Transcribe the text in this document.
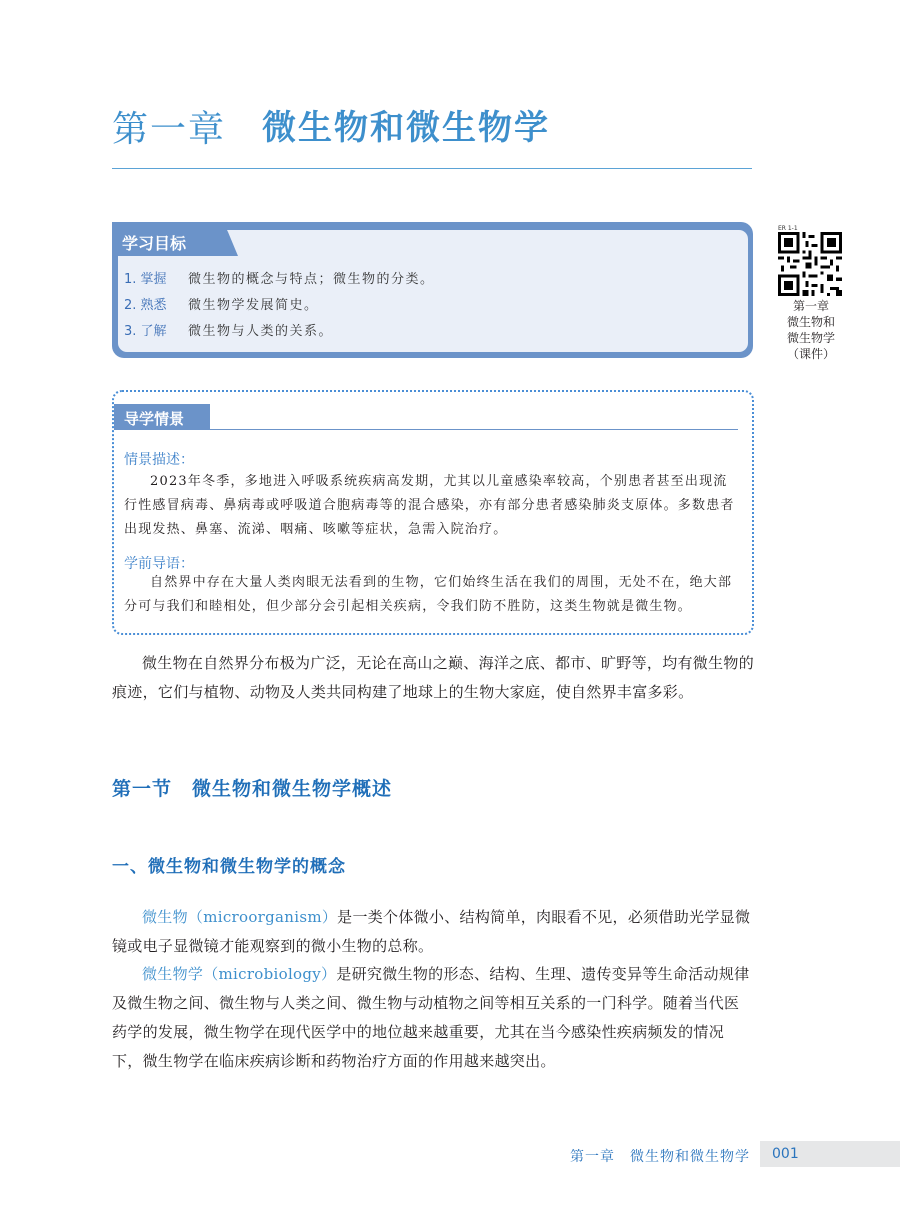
第一章 微生物和微生物学
学习目标
1. 掌握	微生物的概念与特点；微生物的分类。
2. 熟悉	微生物学发展简史。
3. 了解	微生物与人类的关系。
ER 1-1
第一章
微生物和
微生物学
（课件）
导学情景
情景描述：
2023年冬季，多地进入呼吸系统疾病高发期，尤其以儿童感染率较高，个别患者甚至出现流行性感冒病毒、鼻病毒或呼吸道合胞病毒等的混合感染，亦有部分患者感染肺炎支原体。多数患者出现发热、鼻塞、流涕、咽痛、咳嗽等症状，急需入院治疗。
学前导语：
自然界中存在大量人类肉眼无法看到的生物，它们始终生活在我们的周围，无处不在，绝大部分可与我们和睦相处，但少部分会引起相关疾病，令我们防不胜防，这类生物就是微生物。
微生物在自然界分布极为广泛，无论在高山之巅、海洋之底、都市、旷野等，均有微生物的痕迹，它们与植物、动物及人类共同构建了地球上的生物大家庭，使自然界丰富多彩。
第一节　微生物和微生物学概述
一、微生物和微生物学的概念
微生物（microorganism）是一类个体微小、结构简单，肉眼看不见，必须借助光学显微镜或电子显微镜才能观察到的微小生物的总称。
微生物学（microbiology）是研究微生物的形态、结构、生理、遗传变异等生命活动规律及微生物之间、微生物与人类之间、微生物与动植物之间等相互关系的一门科学。随着当代医药学的发展，微生物学在现代医学中的地位越来越重要，尤其在当今感染性疾病频发的情况下，微生物学在临床疾病诊断和药物治疗方面的作用越来越突出。
第一章　微生物和微生物学 001
